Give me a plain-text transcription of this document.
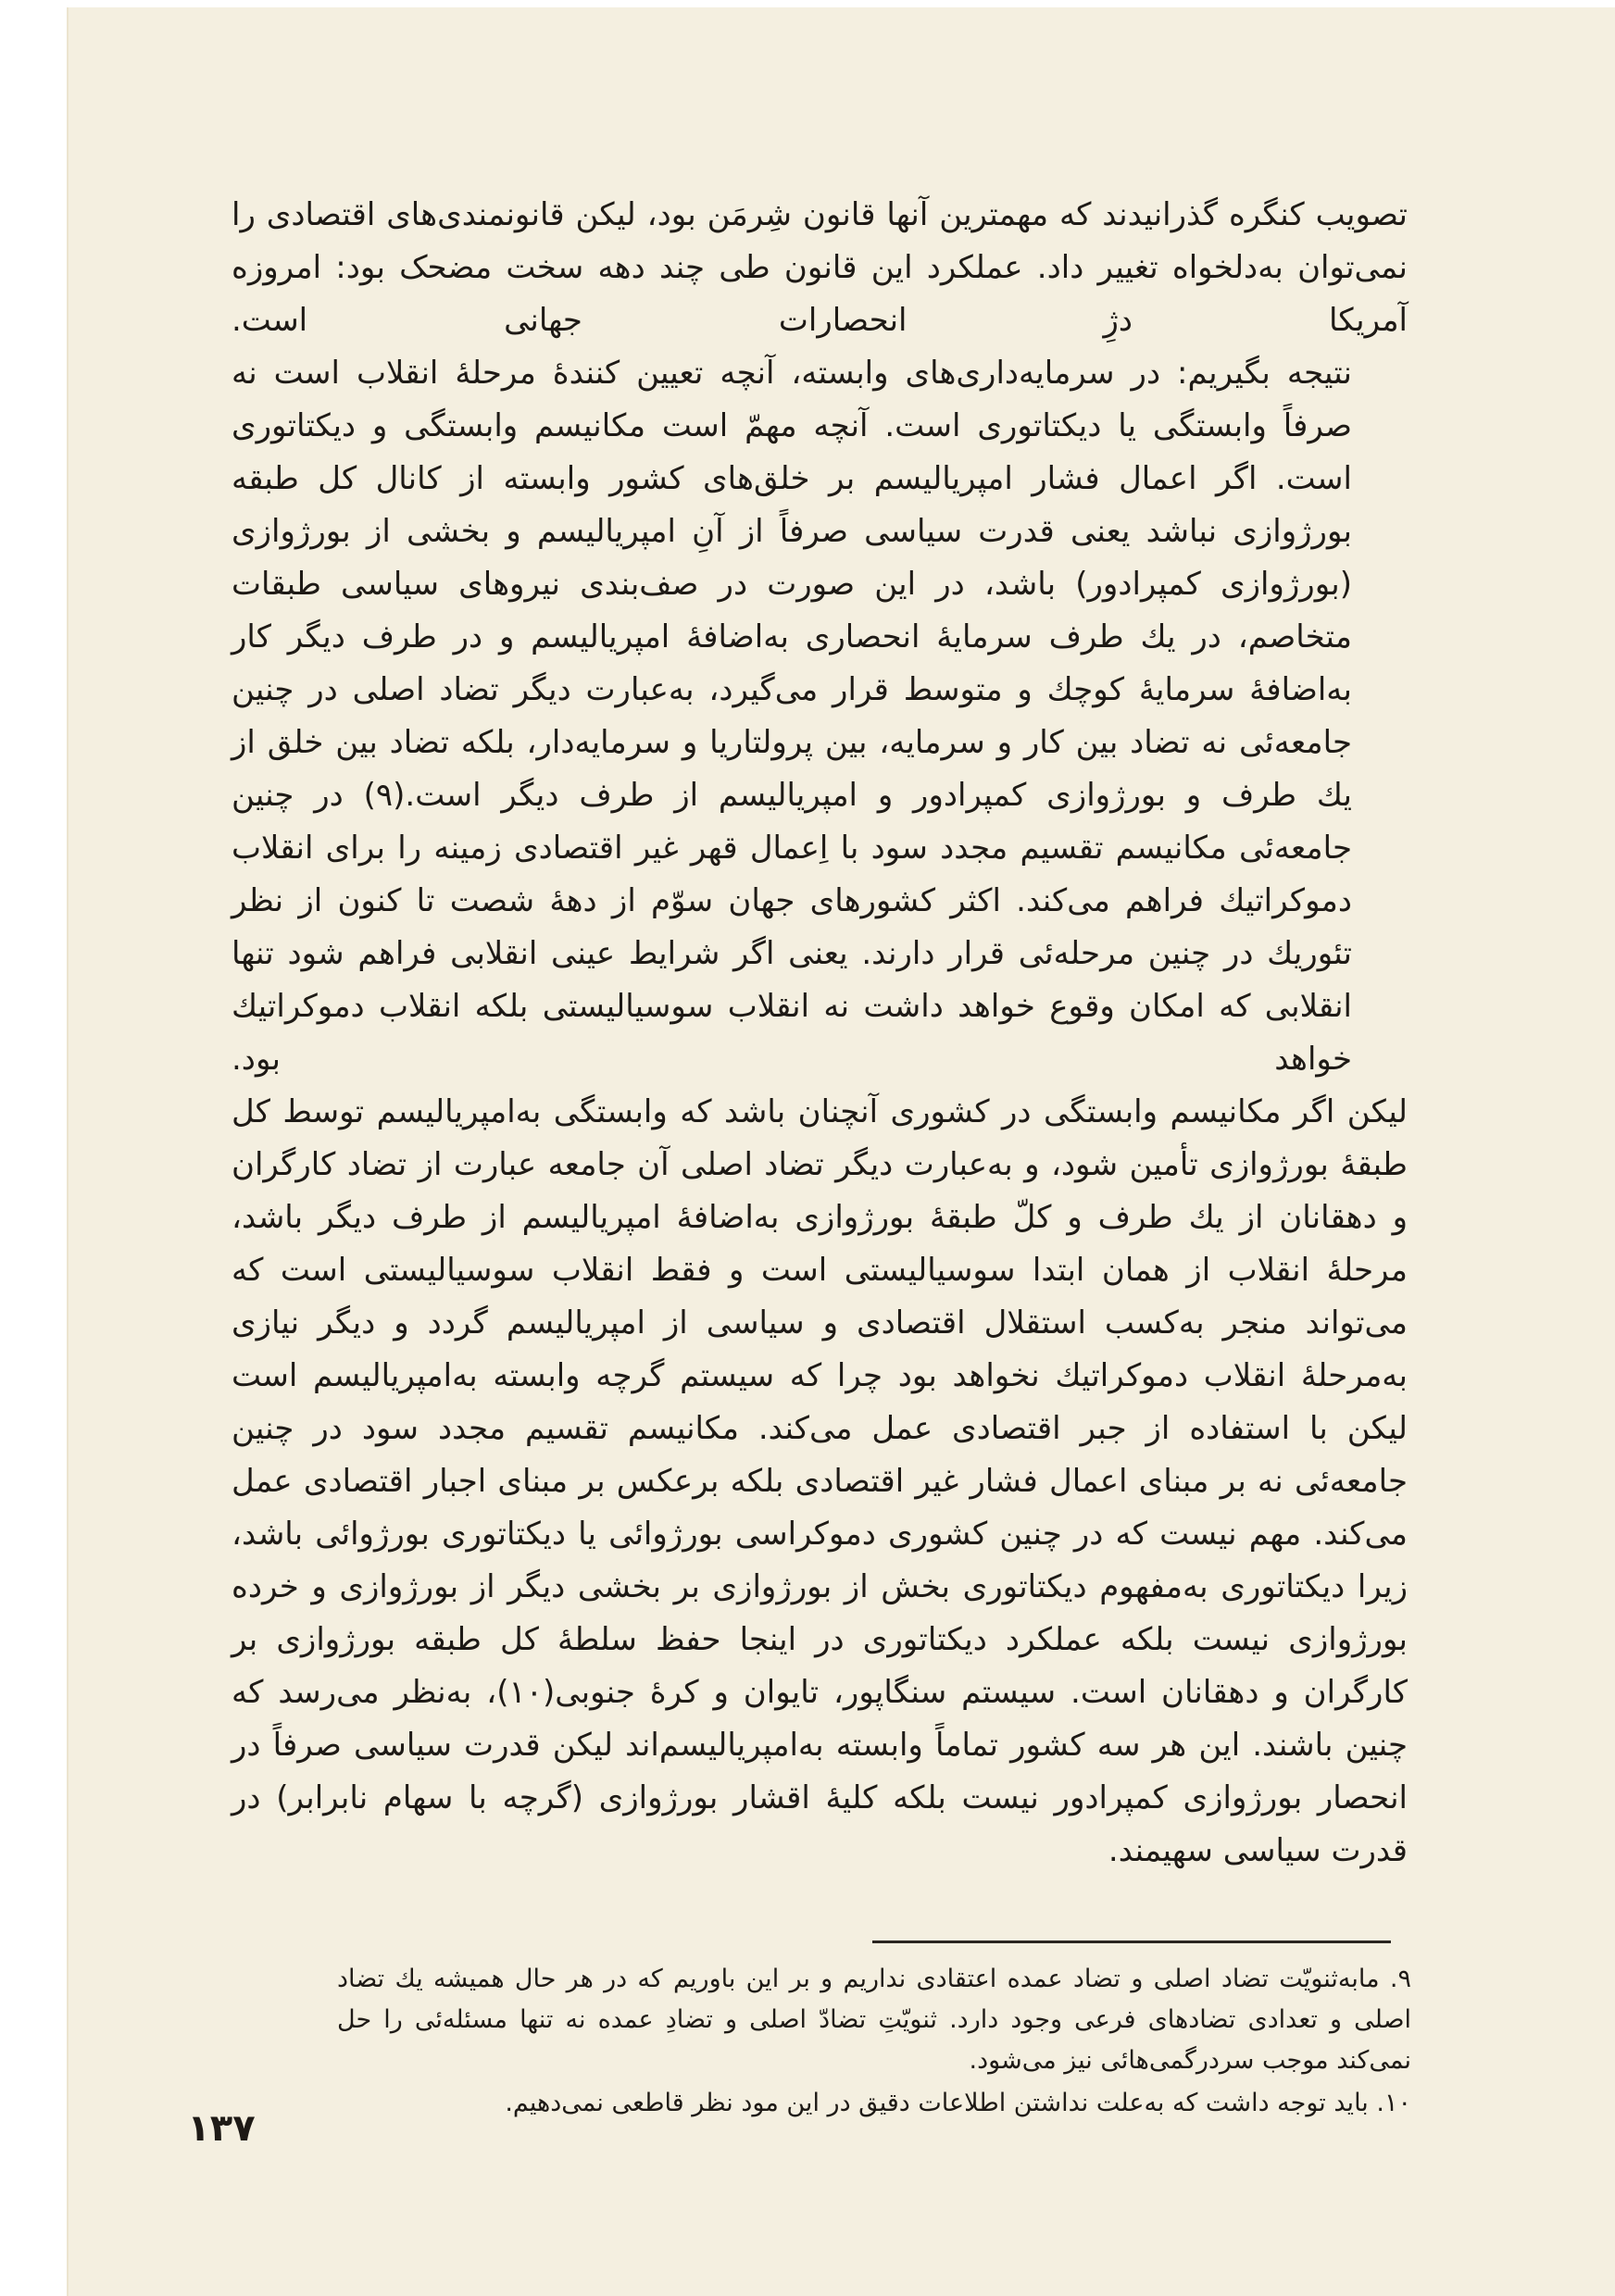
تصویب کنگره گذرانیدند که مهمترین آنها قانون شِرمَن بود، لیکن قانونمندی‌های اقتصادی را نمی‌توان به‌دلخواه تغییر داد. عملکرد این قانون طی چند دهه سخت مضحک بود: امروزه آمریکا دژِ انحصارات جهانی است.

نتیجه بگیریم: در سرمایه‌داری‌های وابسته، آنچه تعیین کنندهٔ مرحلهٔ انقلاب است نه صرفاً وابستگی یا دیکتاتوری است. آنچه مهمّ است مکانیسم وابستگی و دیکتاتوری است. اگر اعمال فشار امپریالیسم بر خلق‌های کشور وابسته از کانال کل طبقه بورژوازی نباشد یعنی قدرت سیاسی صرفاً از آنِ امپریالیسم و بخشی از بورژوازی (بورژوازی کمپرادور) باشد، در این صورت در صف‌بندی نیروهای سیاسی طبقات متخاصم، در یك طرف سرمایهٔ انحصاری به‌اضافهٔ امپریالیسم و در طرف دیگر کار به‌اضافهٔ سرمایهٔ کوچك و متوسط قرار می‌گیرد، به‌عبارت دیگر تضاد اصلی در چنین جامعه‌ئی نه تضاد بین کار و سرمایه، بین پرولتاریا و سرمایه‌دار، بلکه تضاد بین خلق از یك طرف و بورژوازی کمپرادور و امپریالیسم از طرف دیگر است.(۹) در چنین جامعه‌ئی مکانیسم تقسیم مجدد سود با اِعمال قهر غیر اقتصادی زمینه را برای انقلاب دموکراتیك فراهم می‌کند. اکثر کشورهای جهان سوّم از دههٔ شصت تا کنون از نظر تئوریك در چنین مرحله‌ئی قرار دارند. یعنی اگر شرایط عینی انقلابی فراهم شود تنها انقلابی که امکان وقوع خواهد داشت نه انقلاب سوسیالیستی بلکه انقلاب دموکراتیك خواهد بود.

لیکن اگر مکانیسم وابستگی در کشوری آنچنان باشد که وابستگی به‌امپریالیسم توسط کل طبقهٔ بورژوازی تأمین شود، و به‌عبارت دیگر تضاد اصلی آن جامعه عبارت از تضاد کارگران و دهقانان از یك طرف و کلّ طبقهٔ بورژوازی به‌اضافهٔ امپریالیسم از طرف دیگر باشد، مرحلهٔ انقلاب از همان ابتدا سوسیالیستی است و فقط انقلاب سوسیالیستی است که می‌تواند منجر به‌کسب استقلال اقتصادی و سیاسی از امپریالیسم گردد و دیگر نیازی به‌مرحلهٔ انقلاب دموکراتیك نخواهد بود چرا که سیستم گرچه وابسته به‌امپریالیسم است لیکن با استفاده از جبر اقتصادی عمل می‌کند. مکانیسم تقسیم مجدد سود در چنین جامعه‌ئی نه بر مبنای اعمال فشار غیر اقتصادی بلکه برعکس بر مبنای اجبار اقتصادی عمل می‌کند. مهم نیست که در چنین کشوری دموکراسی بورژوائی یا دیکتاتوری بورژوائی باشد، زیرا دیکتاتوری به‌مفهوم دیکتاتوری بخش از بورژوازی بر بخشی دیگر از بورژوازی و خرده بورژوازی نیست بلکه عملکرد دیکتاتوری در اینجا حفظ سلطهٔ کل طبقه بورژوازی بر کارگران و دهقانان است. سیستم سنگاپور، تایوان و کرهٔ جنوبی(۱۰)، به‌نظر می‌رسد که چنین باشند. این هر سه کشور تماماً وابسته به‌امپریالیسم‌اند لیکن قدرت سیاسی صرفاً در انحصار بورژوازی کمپرادور نیست بلکه کلیهٔ اقشار بورژوازی (گرچه با سهام نابرابر) در قدرت سیاسی سهیمند.

۹. مابه‌ثنویّت تضاد اصلی و تضاد عمده اعتقادی نداریم و بر این باوریم که در هر حال همیشه یك تضاد اصلی و تعدادی تضادهای فرعی وجود دارد. ثنویّتِ تضادّ اصلی و تضادِ عمده نه تنها مسئله‌ئی را حل نمی‌کند موجب سردرگمی‌هائی نیز می‌شود.

۱۰. باید توجه داشت که به‌علت نداشتن اطلاعات دقیق در این مود نظر قاطعی نمی‌دهیم.

۱۳۷
